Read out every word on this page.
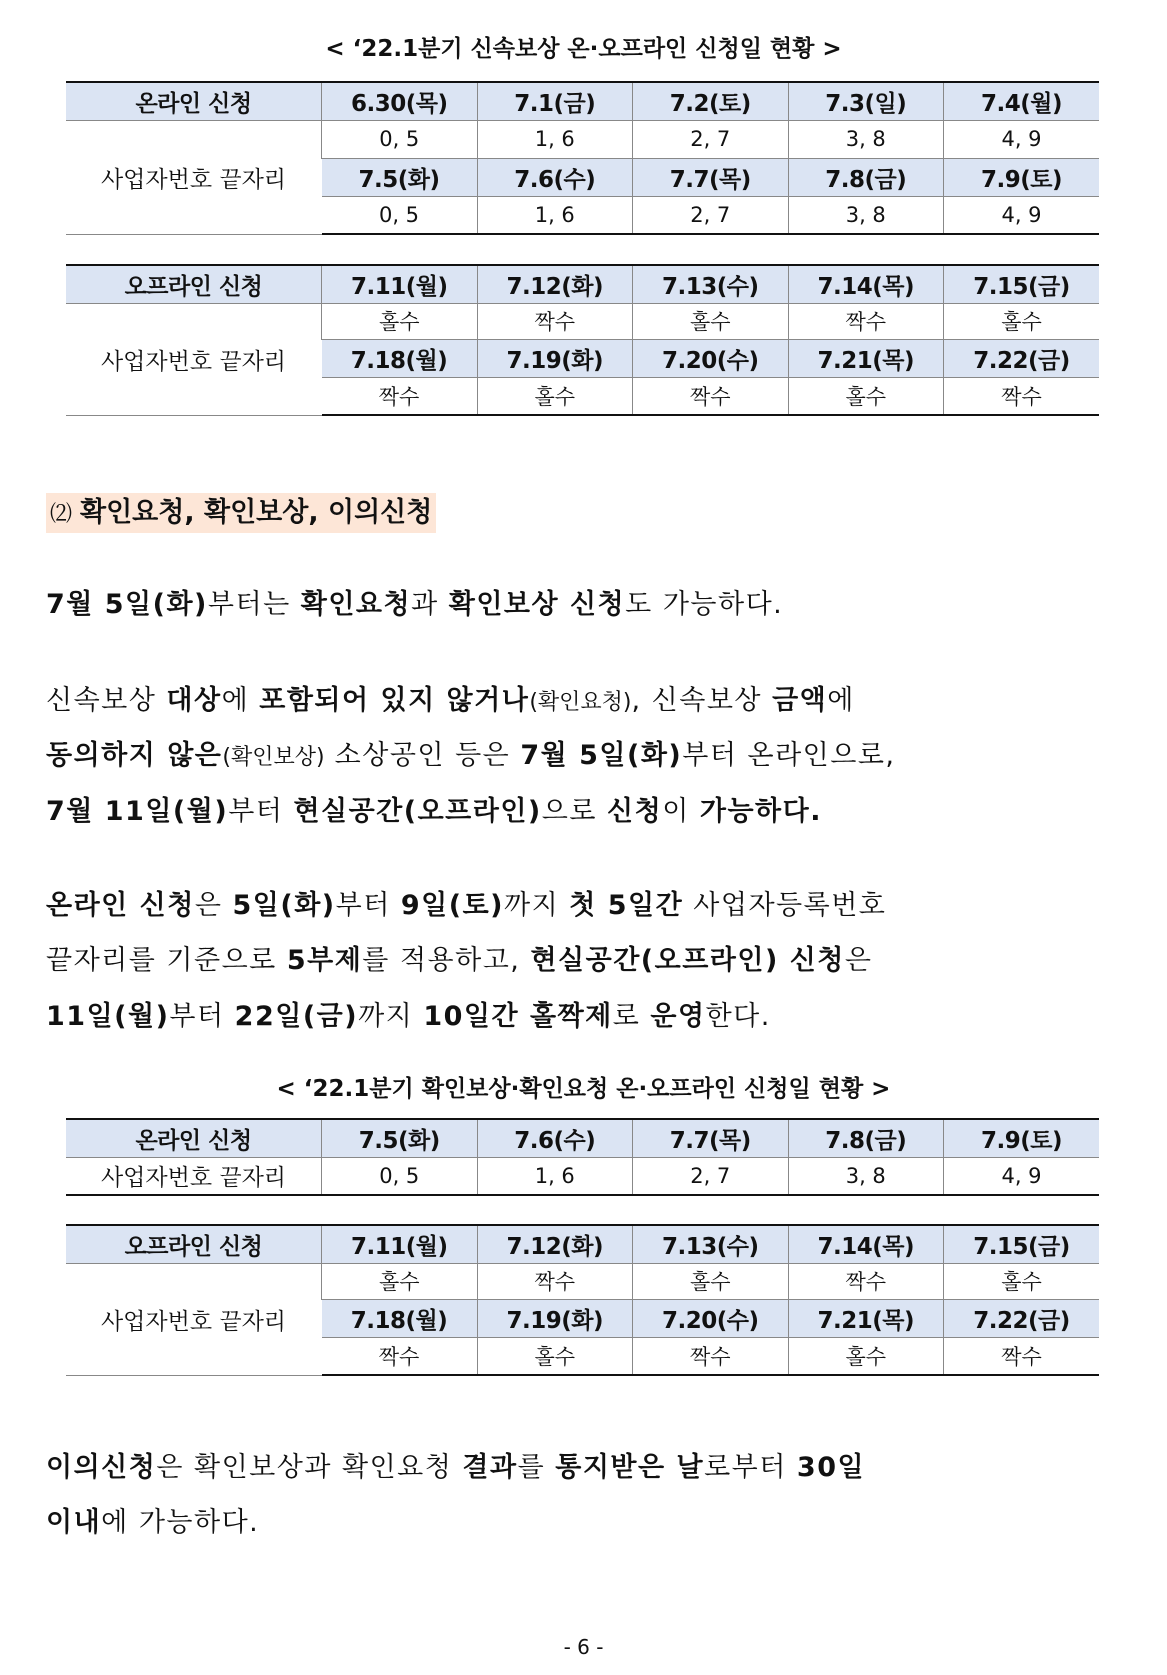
< ‘22.1분기 신속보상 온·오프라인 신청일 현황 >
온라인 신청	6.30(목)	7.1(금)	7.2(토)	7.3(일)	7.4(월)
사업자번호 끝자리	0, 5	1, 6	2, 7	3, 8	4, 9
	7.5(화)	7.6(수)	7.7(목)	7.8(금)	7.9(토)
	0, 5	1, 6	2, 7	3, 8	4, 9
오프라인 신청	7.11(월)	7.12(화)	7.13(수)	7.14(목)	7.15(금)
사업자번호 끝자리	홀수	짝수	홀수	짝수	홀수
	7.18(월)	7.19(화)	7.20(수)	7.21(목)	7.22(금)
	짝수	홀수	짝수	홀수	짝수
⑵ 확인요청, 확인보상, 이의신청
7월 5일(화)부터는 확인요청과 확인보상 신청도 가능하다.
신속보상 대상에 포함되어 있지 않거나(확인요청), 신속보상 금액에
동의하지 않은(확인보상) 소상공인 등은 7월 5일(화)부터 온라인으로,
7월 11일(월)부터 현실공간(오프라인)으로 신청이 가능하다.
온라인 신청은 5일(화)부터 9일(토)까지 첫 5일간 사업자등록번호
끝자리를 기준으로 5부제를 적용하고, 현실공간(오프라인) 신청은
11일(월)부터 22일(금)까지 10일간 홀짝제로 운영한다.
< ‘22.1분기 확인보상·확인요청 온·오프라인 신청일 현황 >
온라인 신청	7.5(화)	7.6(수)	7.7(목)	7.8(금)	7.9(토)
사업자번호 끝자리	0, 5	1, 6	2, 7	3, 8	4, 9
오프라인 신청	7.11(월)	7.12(화)	7.13(수)	7.14(목)	7.15(금)
사업자번호 끝자리	홀수	짝수	홀수	짝수	홀수
	7.18(월)	7.19(화)	7.20(수)	7.21(목)	7.22(금)
	짝수	홀수	짝수	홀수	짝수
이의신청은 확인보상과 확인요청 결과를 통지받은 날로부터 30일
이내에 가능하다.
- 6 -
